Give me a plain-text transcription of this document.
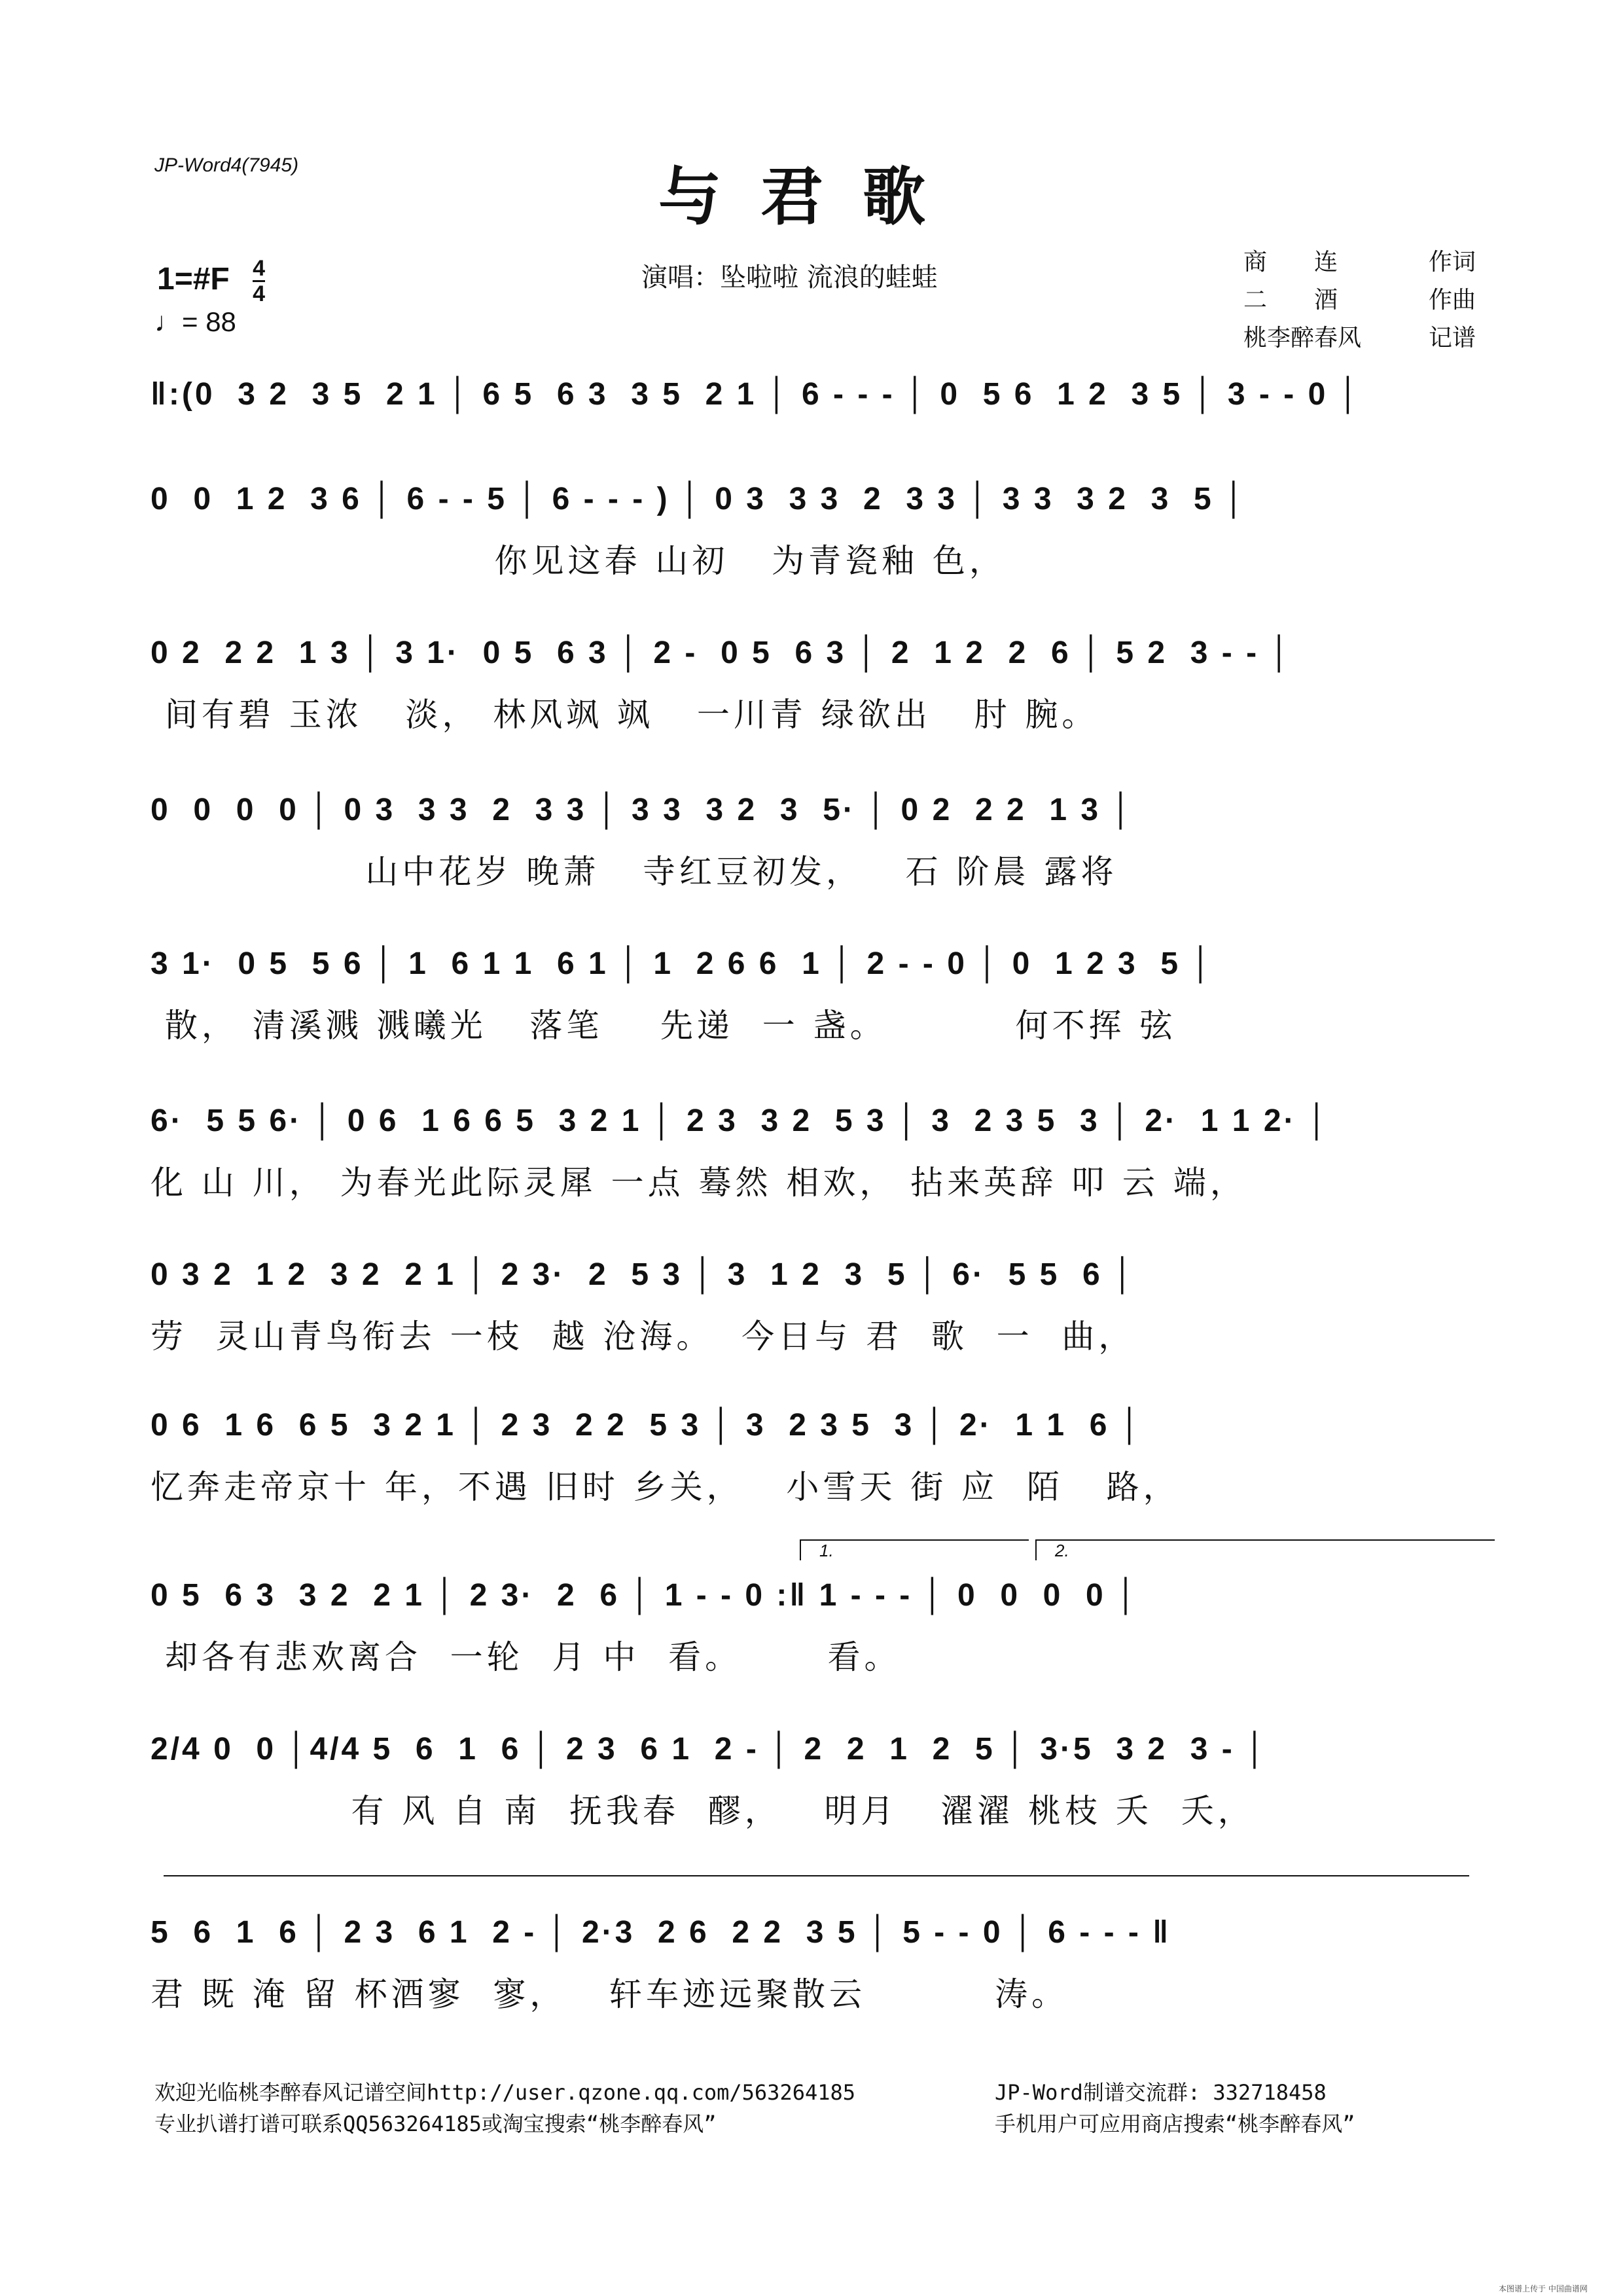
JP-Word4(7945)	与君歌
演唱：坠啦啦 流浪的蛙蛙
1=#F $\frac{4}{4}$
♩= 88
商　　连	作词
二　　酒	作曲
桃李醉春风	记谱
‖:(0  3 2  3 5  2 1 │ 6 5  6 3  3 5  2 1 │ 6 - - - │ 0  5 6  1 2  3 5 │ 3 - - 0 │
0  0  1 2  3 6 │ 6 - - 5 │ 6 - - - ) │ 0 3  3 3  2  3 3 │ 3 3  3 2  3  5 │
你见这春 山初   为青瓷釉 色，
0 2  2 2  1 3 │ 3 1·  0 5  6 3 │ 2 -  0 5  6 3 │ 2  1 2  2  6 │ 5 2  3 - - │
间有碧 玉浓   淡， 林风飒 飒   一川青 绿欲出   肘 腕。
0  0  0  0 │ 0 3  3 3  2  3 3 │ 3 3  3 2  3  5· │ 0 2  2 2  1 3 │
山中花岁 晚萧   寺红豆初发，   石 阶晨 露将
3 1·  0 5  5 6 │ 1  6 1 1  6 1 │ 1  2 6 6  1 │ 2 - - 0 │ 0  1 2 3  5 │
散， 清溪溅 溅曦光   落笔    先递  一 盏。         何不挥 弦
6·  5 5 6· │ 0 6  1 6 6 5  3 2 1 │ 2 3  3 2  5 3 │ 3  2 3 5  3 │ 2·  1 1 2· │
化 山 川， 为春光此际灵犀 一点 蓦然 相欢， 拈来英辞 叩 云 端，
0 3 2  1 2  3 2  2 1 │ 2 3·  2  5 3 │ 3  1 2  3  5 │ 6·  5 5  6 │
劳  灵山青鸟衔去 一枝  越 沧海。  今日与 君  歌  一  曲，
0 6  1 6  6 5  3 2 1 │ 2 3  2 2  5 3 │ 3  2 3 5  3 │ 2·  1 1  6 │
忆奔走帝京十 年，不遇 旧时 乡关，   小雪天 街 应  陌   路，
1.	2.
0 5  6 3  3 2  2 1 │ 2 3·  2  6 │ 1 - - 0 :‖ 1 - - - │ 0  0  0  0 │
却各有悲欢离合  一轮  月 中  看。      看。
2/4 0  0 │4/4 5  6  1  6 │ 2 3  6 1  2 - │ 2  2  1  2  5 │ 3·5  3 2  3 - │
有 风 自 南  抚我春  醪，   明月   濯濯 桃枝 夭  夭，
5  6  1  6 │ 2 3  6 1  2 - │ 2·3  2 6  2 2  3 5 │ 5 - - 0 │ 6 - - - ‖
君 既 淹 留 杯酒寥  寥，   轩车迹远聚散云         涛。
欢迎光临桃李醉春风记谱空间http://user.qzone.qq.com/563264185	JP-Word制谱交流群: 332718458
专业扒谱打谱可联系QQ563264185或淘宝搜索“桃李醉春风”	手机用户可应用商店搜索“桃李醉春风”
本图谱上传于 中国曲谱网
